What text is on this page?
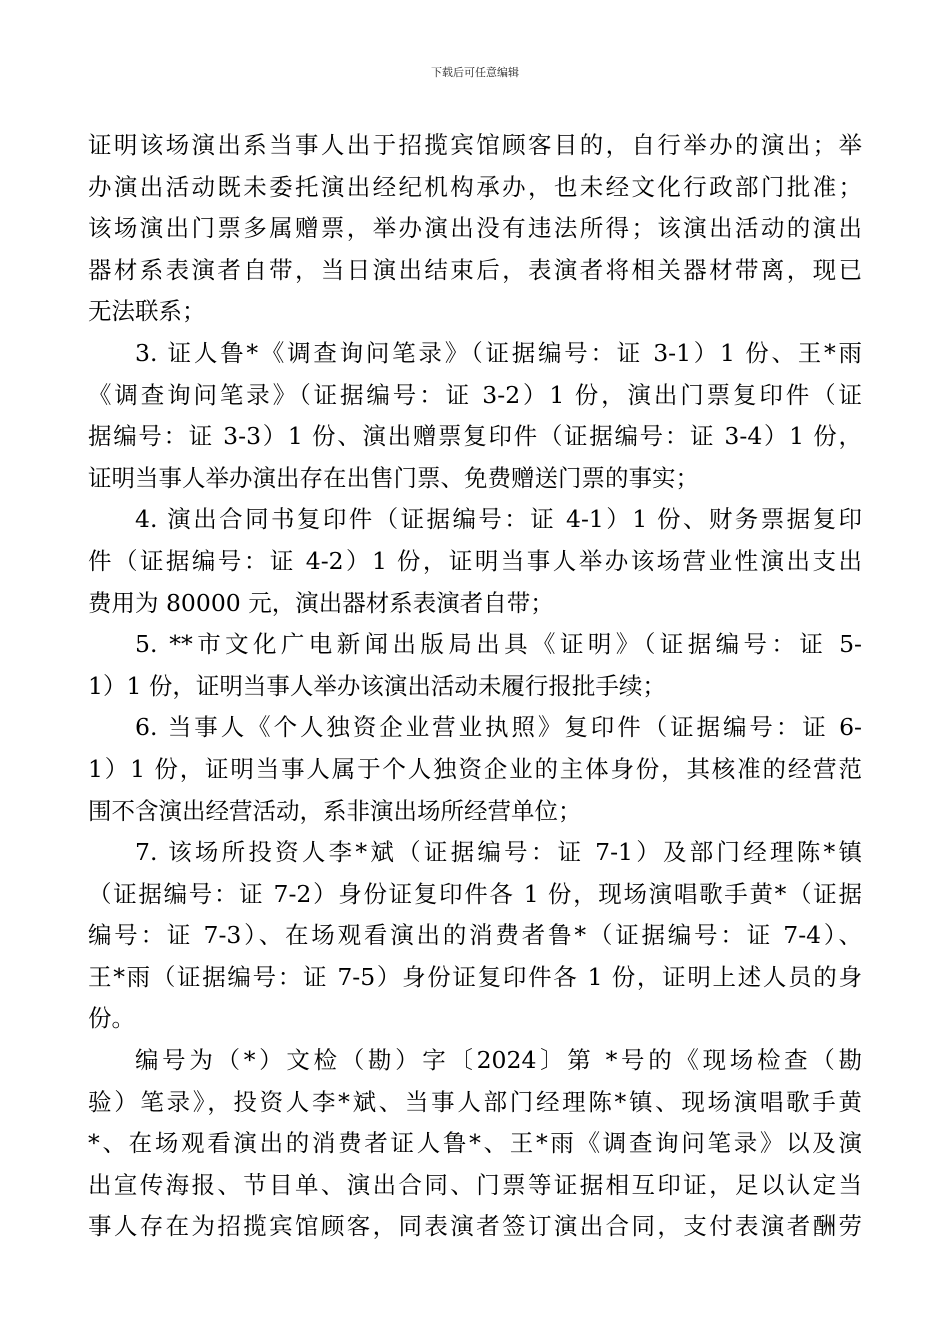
下载后可任意编辑
证明该场演出系当事人出于招揽宾馆顾客目的，自行举办的演出；举
办演出活动既未委托演出经纪机构承办，也未经文化行政部门批准；
该场演出门票多属赠票，举办演出没有违法所得；该演出活动的演出
器材系表演者自带，当日演出结束后，表演者将相关器材带离，现已
无法联系；
3. 证人鲁*《调查询问笔录》（证据编号：证 3-1）1 份、王*雨
《调查询问笔录》（证据编号：证 3-2）1 份，演出门票复印件（证
据编号：证 3-3）1 份、演出赠票复印件（证据编号：证 3-4）1 份，
证明当事人举办演出存在出售门票、免费赠送门票的事实；
4. 演出合同书复印件（证据编号：证 4-1）1 份、财务票据复印
件（证据编号：证 4-2）1 份，证明当事人举办该场营业性演出支出
费用为 80000 元，演出器材系表演者自带；
5. **市文化广电新闻出版局出具《证明》（证据编号：证 5-
1）1 份，证明当事人举办该演出活动未履行报批手续；
6. 当事人《个人独资企业营业执照》复印件（证据编号：证 6-
1）1 份，证明当事人属于个人独资企业的主体身份，其核准的经营范
围不含演出经营活动，系非演出场所经营单位；
7. 该场所投资人李*斌（证据编号：证 7-1）及部门经理陈*镇
（证据编号：证 7-2）身份证复印件各 1 份，现场演唱歌手黄*（证据
编号：证 7-3）、在场观看演出的消费者鲁*（证据编号：证 7-4）、
王*雨（证据编号：证 7-5）身份证复印件各 1 份，证明上述人员的身
份。
编号为（*）文检（勘）字〔2024〕第 *号的《现场检查（勘
验）笔录》，投资人李*斌、当事人部门经理陈*镇、现场演唱歌手黄
*、在场观看演出的消费者证人鲁*、王*雨《调查询问笔录》以及演
出宣传海报、节目单、演出合同、门票等证据相互印证，足以认定当
事人存在为招揽宾馆顾客，同表演者签订演出合同，支付表演者酬劳
